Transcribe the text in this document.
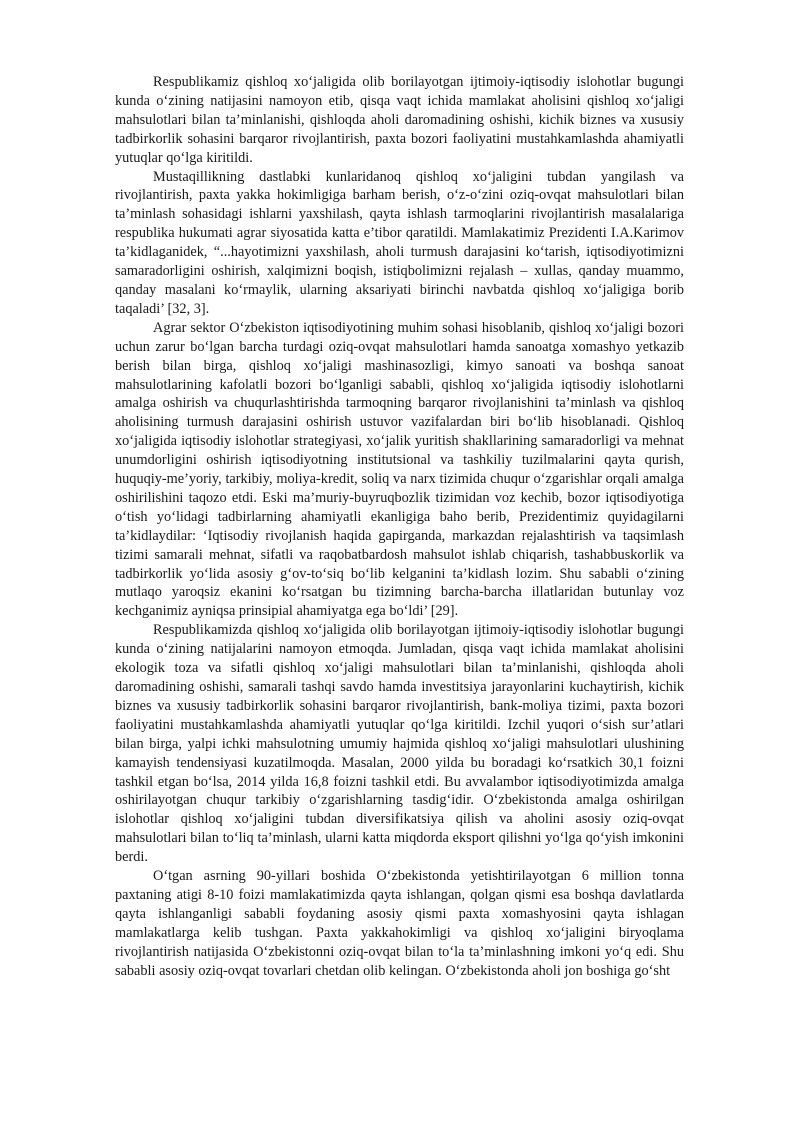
Respublikamiz qishloq xo‘jaligida olib borilayotgan ijtimoiy-iqtisodiy islohotlar bugungi kunda o‘zining natijasini namoyon etib, qisqa vaqt ichida mamlakat aholisini qishloq xo‘jaligi mahsulotlari bilan ta’minlanishi, qishloqda aholi daromadining oshishi, kichik biznes va xususiy tadbirkorlik sohasini barqaror rivojlantirish, paxta bozori faoliyatini mustahkamlashda ahamiyatli yutuqlar qo‘lga kiritildi.

Mustaqillikning dastlabki kunlaridanoq qishloq xo‘jaligini tubdan yangilash va rivojlantirish, paxta yakka hokimligiga barham berish, o‘z-o‘zini oziq-ovqat mahsulotlari bilan ta’minlash sohasidagi ishlarni yaxshilash, qayta ishlash tarmoqlarini rivojlantirish masalalariga respublika hukumati agrar siyosatida katta e’tibor qaratildi. Mamlakatimiz Prezidenti I.A.Karimov ta’kidlaganidek, “...hayotimizni yaxshilash, aholi turmush darajasini ko‘tarish, iqtisodiyotimizni samaradorligini oshirish, xalqimizni boqish, istiqbolimizni rejalash – xullas, qanday muammo, qanday masalani ko‘rmaylik, ularning aksariyati birinchi navbatda qishloq xo‘jaligiga borib taqaladi’ [32, 3].

Agrar sektor O‘zbekiston iqtisodiyotining muhim sohasi hisoblanib, qishloq xo‘jaligi bozori uchun zarur bo‘lgan barcha turdagi oziq-ovqat mahsulotlari hamda sanoatga xomashyo yetkazib berish bilan birga, qishloq xo‘jaligi mashinasozligi, kimyo sanoati va boshqa sanoat mahsulotlarining kafolatli bozori bo‘lganligi sababli, qishloq xo‘jaligida iqtisodiy islohotlarni amalga oshirish va chuqurlashtirishda tarmoqning barqaror rivojlanishini ta’minlash va qishloq aholisining turmush darajasini oshirish ustuvor vazifalardan biri bo‘lib hisoblanadi. Qishloq xo‘jaligida iqtisodiy islohotlar strategiyasi, xo‘jalik yuritish shakllarining samaradorligi va mehnat unumdorligini oshirish iqtisodiyotning institutsional va tashkiliy tuzilmalarini qayta qurish, huquqiy-me’yoriy, tarkibiy, moliya-kredit, soliq va narx tizimida chuqur o‘zgarishlar orqali amalga oshirilishini taqozo etdi. Eski ma’muriy-buyruqbozlik tizimidan voz kechib, bozor iqtisodiyotiga o‘tish yo‘lidagi tadbirlarning ahamiyatli ekanligiga baho berib, Prezidentimiz quyidagilarni ta’kidlaydilar: ‘Iqtisodiy rivojlanish haqida gapirganda, markazdan rejalashtirish va taqsimlash tizimi samarali mehnat, sifatli va raqobatbardosh mahsulot ishlab chiqarish, tashabbuskorlik va tadbirkorlik yo‘lida asosiy g‘ov-to‘siq bo‘lib kelganini ta’kidlash lozim. Shu sababli o‘zining mutlaqo yaroqsiz ekanini ko‘rsatgan bu tizimning barcha-barcha illatlaridan butunlay voz kechganimiz ayniqsa prinsipial ahamiyatga ega bo‘ldi’ [29].

Respublikamizda qishloq xo‘jaligida olib borilayotgan ijtimoiy-iqtisodiy islohotlar bugungi kunda o‘zining natijalarini namoyon etmoqda. Jumladan, qisqa vaqt ichida mamlakat aholisini ekologik toza va sifatli qishloq xo‘jaligi mahsulotlari bilan ta’minlanishi, qishloqda aholi daromadining oshishi, samarali tashqi savdo hamda investitsiya jarayonlarini kuchaytirish, kichik biznes va xususiy tadbirkorlik sohasini barqaror rivojlantirish, bank-moliya tizimi, paxta bozori faoliyatini mustahkamlashda ahamiyatli yutuqlar qo‘lga kiritildi. Izchil yuqori o‘sish sur’atlari bilan birga, yalpi ichki mahsulotning umumiy hajmida qishloq xo‘jaligi mahsulotlari ulushining kamayish tendensiyasi kuzatilmoqda. Masalan, 2000 yilda bu boradagi ko‘rsatkich 30,1 foizni tashkil etgan bo‘lsa, 2014 yilda 16,8 foizni tashkil etdi. Bu avvalambor iqtisodiyotimizda amalga oshirilayotgan chuqur tarkibiy o‘zgarishlarning tasdig‘idir. O‘zbekistonda amalga oshirilgan islohotlar qishloq xo‘jaligini tubdan diversifikatsiya qilish va aholini asosiy oziq-ovqat mahsulotlari bilan to‘liq ta’minlash, ularni katta miqdorda eksport qilishni yo‘lga qo‘yish imkonini berdi.

O‘tgan asrning 90-yillari boshida O‘zbekistonda yetishtirilayotgan 6 million tonna paxtaning atigi 8-10 foizi mamlakatimizda qayta ishlangan, qolgan qismi esa boshqa davlatlarda qayta ishlanganligi sababli foydaning asosiy qismi paxta xomashyosini qayta ishlagan mamlakatlarga kelib tushgan. Paxta yakkahokimligi va qishloq xo‘jaligini biryoqlama rivojlantirish natijasida O‘zbekistonni oziq-ovqat bilan to‘la ta’minlashning imkoni yo‘q edi. Shu sababli asosiy oziq-ovqat tovarlari chetdan olib kelingan. O‘zbekistonda aholi jon boshiga go‘sht
